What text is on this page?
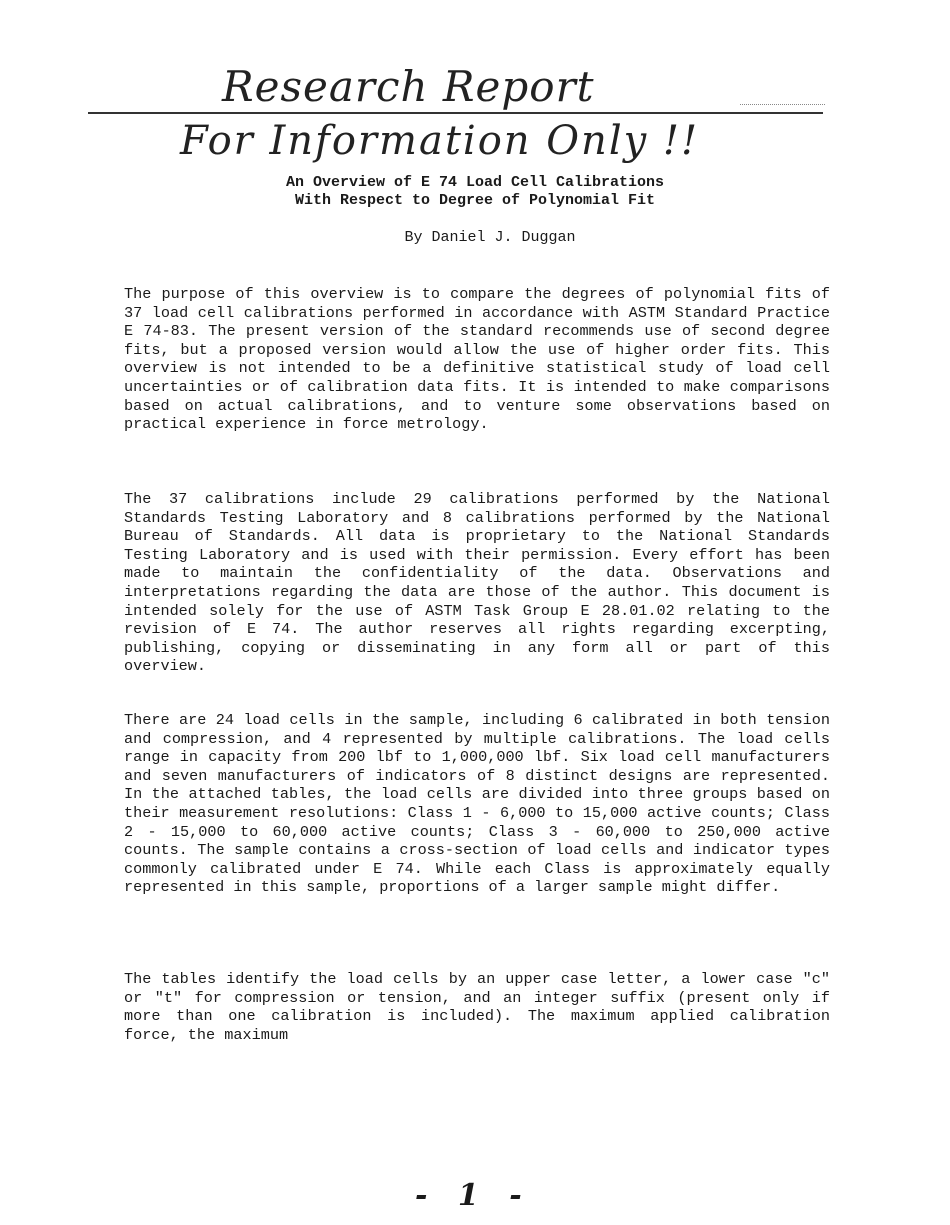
Research Report
For Information Only !!
An Overview of E 74 Load Cell Calibrations
With Respect to Degree of Polynomial Fit
By Daniel J. Duggan

The purpose of this overview is to compare the degrees of polynomial fits of 37 load cell calibrations performed in accordance with ASTM Standard Practice E 74-83. The present version of the standard recommends use of second degree fits, but a proposed version would allow the use of higher order fits. This overview is not intended to be a definitive statistical study of load cell uncertainties or of calibration data fits. It is intended to make comparisons based on actual calibrations, and to venture some observations based on practical experience in force metrology.

The 37 calibrations include 29 calibrations performed by the National Standards Testing Laboratory and 8 calibrations performed by the National Bureau of Standards. All data is proprietary to the National Standards Testing Laboratory and is used with their permission. Every effort has been made to maintain the confidentiality of the data. Observations and interpretations regarding the data are those of the author. This document is intended solely for the use of ASTM Task Group E 28.01.02 relating to the revision of E 74. The author reserves all rights regarding excerpting, publishing, copying or disseminating in any form all or part of this overview.

There are 24 load cells in the sample, including 6 calibrated in both tension and compression, and 4 represented by multiple calibrations. The load cells range in capacity from 200 lbf to 1,000,000 lbf. Six load cell manufacturers and seven manufacturers of indicators of 8 distinct designs are represented. In the attached tables, the load cells are divided into three groups based on their measurement resolutions: Class 1 - 6,000 to 15,000 active counts; Class 2 - 15,000 to 60,000 active counts; Class 3 - 60,000 to 250,000 active counts. The sample contains a cross-section of load cells and indicator types commonly calibrated under E 74. While each Class is approximately equally represented in this sample, proportions of a larger sample might differ.

The tables identify the load cells by an upper case letter, a lower case "c" or "t" for compression or tension, and an integer suffix (present only if more than one calibration is included). The maximum applied calibration force, the maximum

- 1 -
